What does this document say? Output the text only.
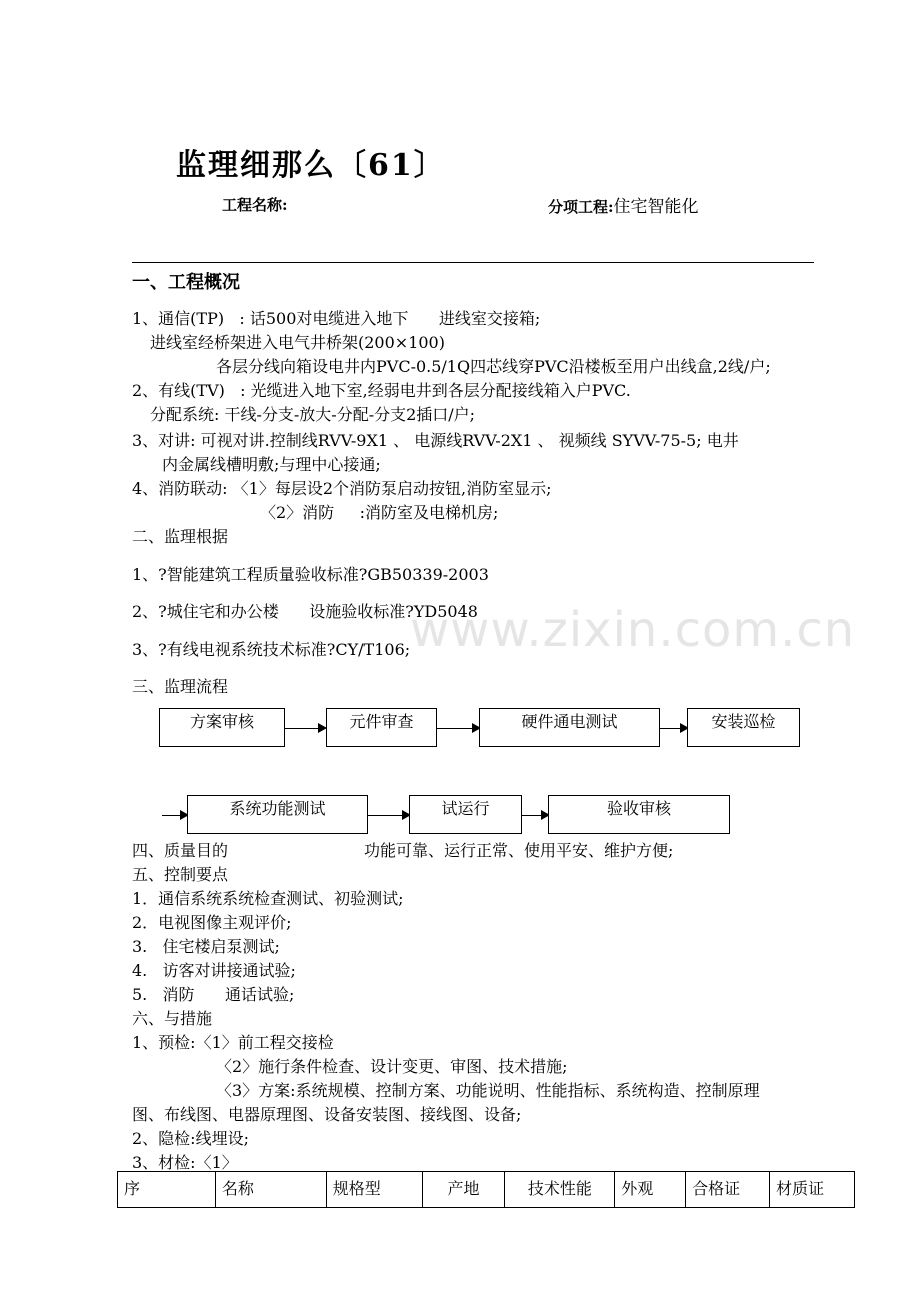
监理细那么〔61〕
工程名称:	分项工程:住宅智能化
一、工程概况
1、通信(TP)   : 话500对电缆进入地下      进线室交接箱;
进线室经桥架进入电气井桥架(200×100)
各层分线向箱设电井内PVC-0.5/1Q四芯线穿PVC沿楼板至用户出线盒,2线/户;
2、有线(TV)   : 光缆进入地下室,经弱电井到各层分配接线箱入户PVC.
分配系统: 干线-分支-放大-分配-分支2插口/户;
3、对讲: 可视对讲.控制线RVV-9X1 、 电源线RVV-2X1 、 视频线 SYVV-75-5; 电井
内金属线槽明敷;与理中心接通;
4、消防联动: 〈1〉每层设2个消防泵启动按钮,消防室显示;
〈2〉消防     :消防室及电梯机房;
二、监理根据
1、?智能建筑工程质量验收标准?GB50339-2003
2、?城住宅和办公楼      设施验收标准?YD5048
3、?有线电视系统技术标准?CY/T106;
三、监理流程
方案审核	元件审查	硬件通电测试	安装巡检
系统功能测试	试运行	验收审核
四、质量目的	功能可靠、运行正常、使用平安、维护方便;
五、控制要点
1．通信系统系统检查测试、初验测试;
2．电视图像主观评价;
3.   住宅楼启泵测试;
4.   访客对讲接通试验;
5.   消防      通话试验;
六、与措施
1、预检:〈1〉前工程交接检
〈2〉施行条件检查、设计变更、审图、技术措施;
〈3〉方案:系统规模、控制方案、功能说明、性能指标、系统构造、控制原理
图、布线图、电器原理图、设备安装图、接线图、设备;
2、隐检:线埋设;
3、材检:〈1〉
序	名称	规格型	产地	技术性能	外观	合格证	材质证
www.zixin.com.cn
